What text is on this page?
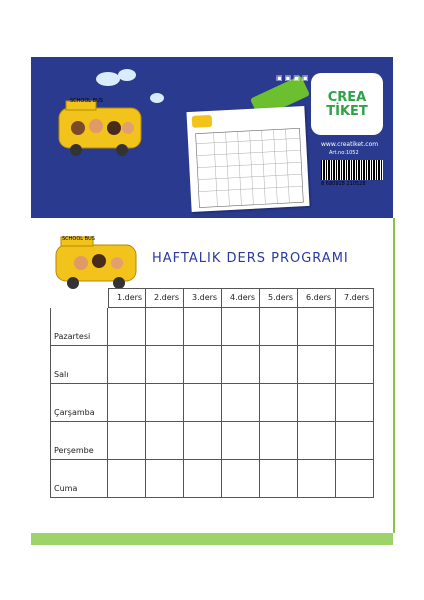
SCHOOL BUS
▣▣▣▣
CREA
TİKET
www.creatiket.com
Art.no:1052
8 680918 210528
SCHOOL BUS
HAFTALIK DERS PROGRAMI
1.ders 2.ders 3.ders 4.ders 5.ders 6.ders 7.ders
Pazartesi
Salı
Çarşamba
Perşembe
Cuma
